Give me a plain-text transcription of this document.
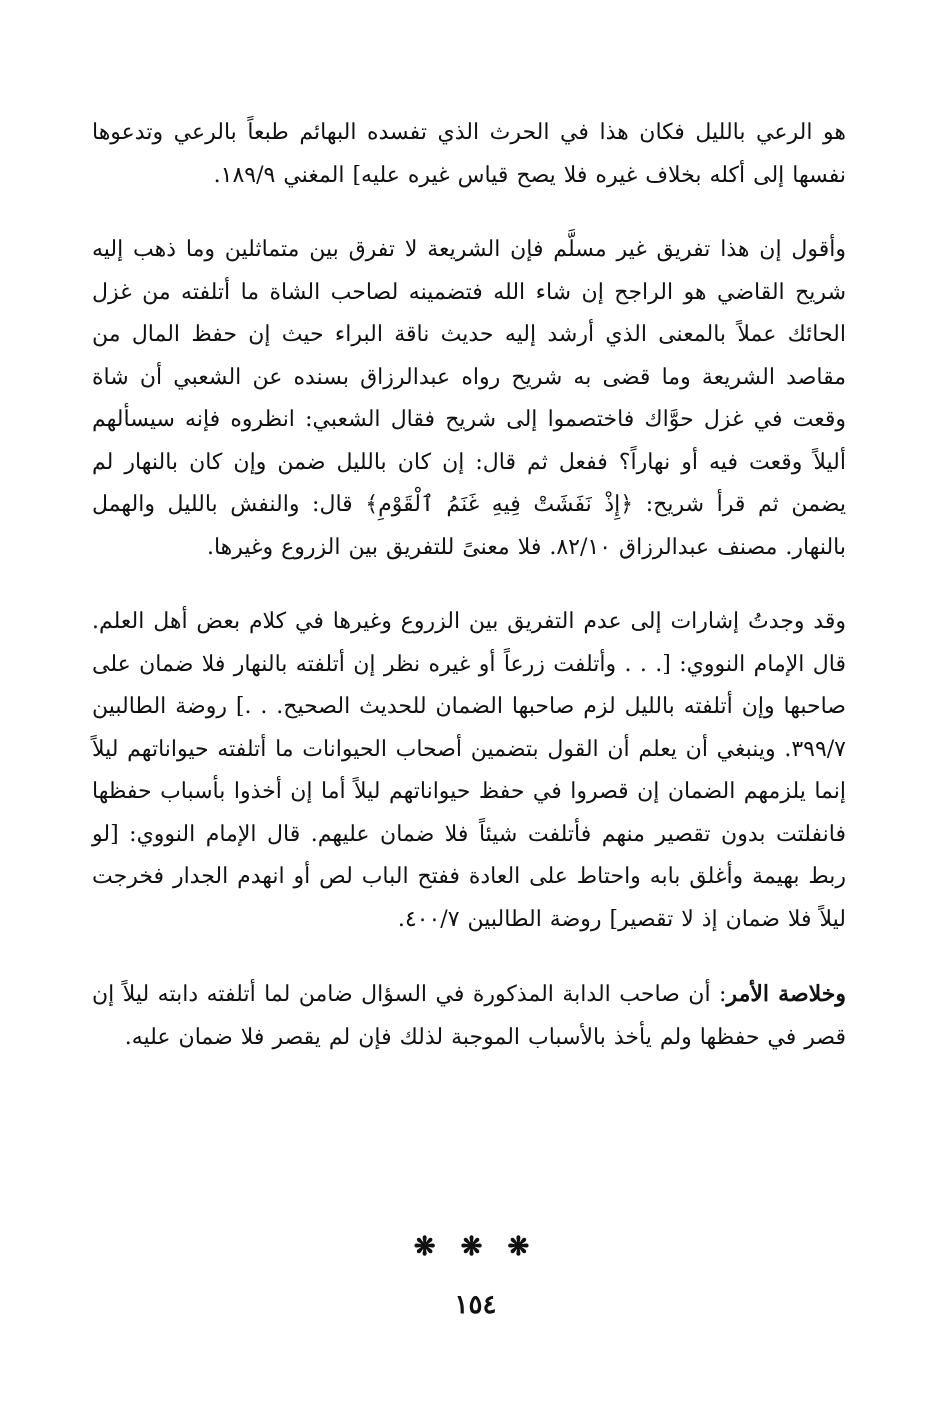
هو الرعي بالليل فكان هذا في الحرث الذي تفسده البهائم طبعاً بالرعي وتدعوها نفسها إلى أكله بخلاف غيره فلا يصح قياس غيره عليه] المغني ١٨٩/٩.

وأقول إن هذا تفريق غير مسلَّم فإن الشريعة لا تفرق بين متماثلين وما ذهب إليه شريح القاضي هو الراجح إن شاء الله فتضمينه لصاحب الشاة ما أتلفته من غزل الحائك عملاً بالمعنى الذي أرشد إليه حديث ناقة البراء حيث إن حفظ المال من مقاصد الشريعة وما قضى به شريح رواه عبدالرزاق بسنده عن الشعبي أن شاة وقعت في غزل حوَّاك فاختصموا إلى شريح فقال الشعبي: انظروه فإنه سيسألهم أليلاً وقعت فيه أو نهاراً؟ ففعل ثم قال: إن كان بالليل ضمن وإن كان بالنهار لم يضمن ثم قرأ شريح: ﴿إِذْ نَفَشَتْ فِيهِ غَنَمُ ٱلْقَوْمِ﴾ قال: والنفش بالليل والهمل بالنهار. مصنف عبدالرزاق ٨٢/١٠. فلا معنىً للتفريق بين الزروع وغيرها.

وقد وجدتُ إشارات إلى عدم التفريق بين الزروع وغيرها في كلام بعض أهل العلم. قال الإمام النووي: [. . . وأتلفت زرعاً أو غيره نظر إن أتلفته بالنهار فلا ضمان على صاحبها وإن أتلفته بالليل لزم صاحبها الضمان للحديث الصحيح. . .] روضة الطالبين ٣٩٩/٧. وينبغي أن يعلم أن القول بتضمين أصحاب الحيوانات ما أتلفته حيواناتهم ليلاً إنما يلزمهم الضمان إن قصروا في حفظ حيواناتهم ليلاً أما إن أخذوا بأسباب حفظها فانفلتت بدون تقصير منهم فأتلفت شيئاً فلا ضمان عليهم. قال الإمام النووي: [لو ربط بهيمة وأغلق بابه واحتاط على العادة ففتح الباب لص أو انهدم الجدار فخرجت ليلاً فلا ضمان إذ لا تقصير] روضة الطالبين ٤٠٠/٧.

وخلاصة الأمر: أن صاحب الدابة المذكورة في السؤال ضامن لما أتلفته دابته ليلاً إن قصر في حفظها ولم يأخذ بالأسباب الموجبة لذلك فإن لم يقصر فلا ضمان عليه.

❋ ❋ ❋
١٥٤
